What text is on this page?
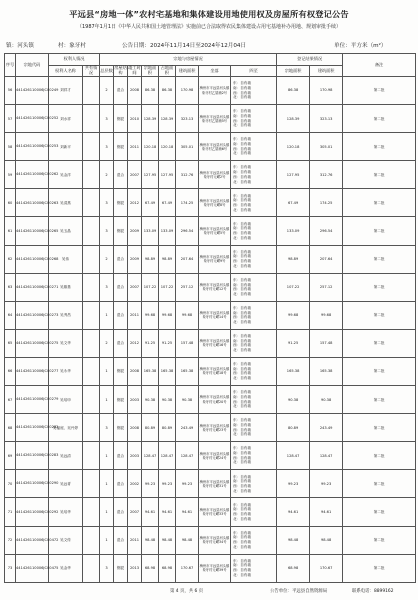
平远县“房地一体”农村宅基地和集体建设用地使用权及房屋所有权登记公告
（1987年1月1日《中华人民共和国土地管理法》实施前已合法取得农民集体建设占用宅基地补办用地、规划审批手续）
镇：河头镇	村：象牙村	公告日期：2024年11月14日至2024年12月04日	单位：平方米（m²）
序号	宗地代码	权利人情况		宗地与房屋情况								登记结果情况		备注
		权利人名称	共有情况	总层数	房屋结构	竣工时间	宗地面积	占地面积	建筑面积	坐落	四至	宗地面积	建筑面积	

56	441426110006JC00249	刘祥才		2	混合	2008	86.38	86.38	170.98	梅州市平远县河头镇象牙村乙屋埔2号	东：自有墙
南：自有墙
西：自有墙
北：自有墙	86.38	170.98	第二批
57	441426110006JC00252	刘水祥		3	钢混	2010	128.39	128.39	323.13	梅州市平远县河头镇象牙村乙屋埔5号	东：自有墙
南：自有墙
西：自有墙
北：自有墙	128.39	323.13	第二批
58	441426110006JC00253	刘新平		3	钢混	2011	120.18	120.18	305.01	梅州市平远县河头镇象牙村乙屋埔6号	东：自有墙
南：自有墙
西：自有墙
北：自有墙	120.18	305.01	第二批
59	441426110006JC00262	吴金洋		2	混合	2007	127.95	127.95	312.76	梅州市平远县河头镇象牙村元嵊2号	东：自有墙
南：自有墙
西：自有墙
北：自有墙	127.95	312.76	第二批
60	441426110006JC00263	吴清燕		3	钢混	2012	67.49	67.49	174.25	梅州市平远县河头镇象牙村元嵊8号	东：自有墙
南：自有墙
西：自有墙
北：自有墙	67.49	174.25	第二批
61	441426110006JC00265	吴玉晶		3	钢混	2009	133.09	133.09	296.54	梅州市平远县河头镇象牙村元嵊5号	东：自有墙
南：自有墙
西：自有墙
北：自有墙	133.09	296.54	第二批
62	441426110006JC00268	吴伟		2	混合	2009	98.89	98.89	207.64	梅州市平远县河头镇象牙村元嵊9号	东：自有墙
南：自有墙
西：自有墙
北：自有墙	98.89	207.64	第二批
63	441426110006JC00271	吴雄基		3	混合	2007	107.22	107.22	257.12	梅州市平远县河头镇象牙村元嵊12号	东：自有墙
南：自有墙
西：自有墙
北：自有墙	107.22	257.12	第二批
64	441426110006JC00273	吴秀昌		1	混合	2011	99.68	99.68	99.68	梅州市平远县河头镇象牙村元嵊14号	东：自有墙
南：自有墙
西：自有墙
北：自有墙	99.68	99.68	第二批
65	441426110006JC00275	吴文华		2	混合	2012	91.25	91.25	157.48	梅州市平远县河头镇象牙村元嵊16号	东：自有墙
南：自有墙
西：自有墙
北：自有墙	91.25	157.48	第二批
66	441426110006JC00277	吴永华		1	钢混	2008	165.38	165.38	165.38	梅州市平远县河头镇象牙村元嵊18号	东：自有墙
南：自有墙
西：自有墙
北：自有墙	165.38	165.38	第二批
67	441426110006JC00279	吴培申		1	钢混	2003	90.38	90.38	90.38	梅州市平远县河头镇象牙村元嵊20号	东：自有墙
南：自有墙
西：自有墙
北：自有墙	90.38	90.38	第二批
68	441426110006JC00282	吴福庭、吴丹婷		3	钢混	2008	80.89	80.89	243.49	梅州市平远县河头镇象牙村元嵊23号	东：自有墙
南：自有墙
西：自有墙
北：自有墙	80.89	243.49	第二批
69	441426110006JC00283	吴远清		1	混合	2003	128.47	128.47	128.47	梅州市平远县河头镇象牙村元嵊24号	东：自有墙
南：自有墙
西：自有墙
北：自有墙	128.47	128.47	第二批
70	441426110006JC00290	吴远青		1	混合	2002	99.23	99.23	99.23	梅州市平远县河头镇象牙村元嵊31号	东：自有墙
南：自有墙
西：自有墙
北：自有墙	99.23	99.23	第二批
71	441426110006JC00292	吴培华		1	混合	2007	94.61	94.61	94.61	梅州市平远县河头镇象牙村元嵊33号	东：自有墙
南：自有墙
西：自有墙
北：自有墙	94.61	94.61	第二批
72	441426110006JC00472	吴文传		1	混合	2011	98.48	98.48	98.48	梅州市平远县河头镇象牙村元嵊34号	东：自有墙
南：自有墙
西：自有墙
北：自有墙	98.48	98.48	第二批
73	441426110006JC00475	吴金华		3	钢混	2013	68.98	68.98	170.67	梅州市平远县河头镇象牙村元嵊39号	东：自有墙
南：自有墙
西：自有墙
北：自有墙	68.98	170.67	第二批
第 4 页，共 6 页	公告单位：平远县自然资源局	联系电话：8899162
